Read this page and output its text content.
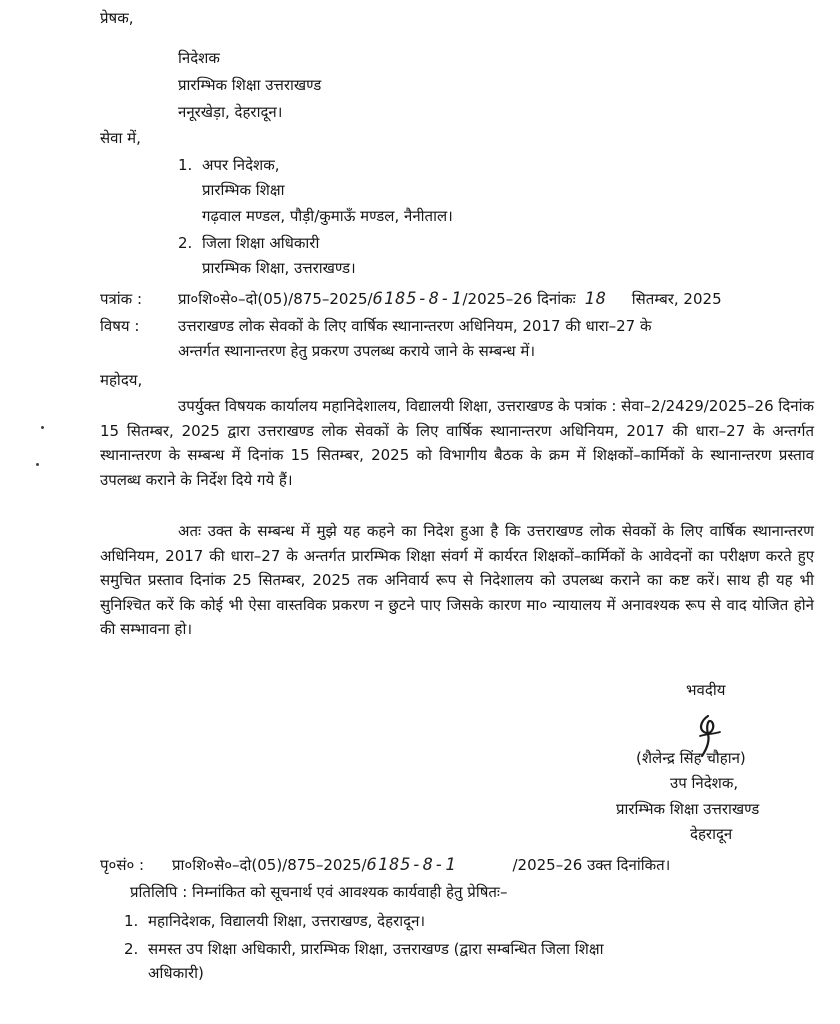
प्रेषक,
निदेशक
प्रारम्भिक शिक्षा उत्तराखण्ड
ननूरखेड़ा, देहरादून।
सेवा में,
1. अपर निदेशक,
प्रारम्भिक शिक्षा
गढ़वाल मण्डल, पौड़ी/कुमाऊँ मण्डल, नैनीताल।
2. जिला शिक्षा अधिकारी
प्रारम्भिक शिक्षा, उत्तराखण्ड।
पत्रांक : प्रा०शि०से०–दो(05)/875–2025/6185-8-1/2025–26 दिनांकः 18 सितम्बर, 2025
विषय :	उत्तराखण्ड लोक सेवकों के लिए वार्षिक स्थानान्तरण अधिनियम, 2017 की धारा–27 के
अन्तर्गत स्थानान्तरण हेतु प्रकरण उपलब्ध कराये जाने के सम्बन्ध में।
महोदय,
उपर्युक्त विषयक कार्यालय महानिदेशालय, विद्यालयी शिक्षा, उत्तराखण्ड के पत्रांक : सेवा–2/2429/2025–26 दिनांक 15 सितम्बर, 2025 द्वारा उत्तराखण्ड लोक सेवकों के लिए वार्षिक स्थानान्तरण अधिनियम, 2017 की धारा–27 के अन्तर्गत स्थानान्तरण के सम्बन्ध में दिनांक 15 सितम्बर, 2025 को विभागीय बैठक के क्रम में शिक्षकों–कार्मिकों के स्थानान्तरण प्रस्ताव उपलब्ध कराने के निर्देश दिये गये हैं।
अतः उक्त के सम्बन्ध में मुझे यह कहने का निदेश हुआ है कि उत्तराखण्ड लोक सेवकों के लिए वार्षिक स्थानान्तरण अधिनियम, 2017 की धारा–27 के अन्तर्गत प्रारम्भिक शिक्षा संवर्ग में कार्यरत शिक्षकों–कार्मिकों के आवेदनों का परीक्षण करते हुए समुचित प्रस्ताव दिनांक 25 सितम्बर, 2025 तक अनिवार्य रूप से निदेशालय को उपलब्ध कराने का कष्ट करें। साथ ही यह भी सुनिश्चित करें कि कोई भी ऐसा वास्तविक प्रकरण न छुटने पाए जिसके कारण मा० न्यायालय में अनावश्यक रूप से वाद योजित होने की सम्भावना हो।
भवदीय
(शैलेन्द्र सिंह चौहान)
उप निदेशक,
प्रारम्भिक शिक्षा उत्तराखण्ड
देहरादून
पृ०सं० : प्रा०शि०से०–दो(05)/875–2025/6185-8-1	/2025–26 उक्त दिनांकित।
प्रतिलिपि : निम्नांकित को सूचनार्थ एवं आवश्यक कार्यवाही हेतु प्रेषितः–
1. महानिदेशक, विद्यालयी शिक्षा, उत्तराखण्ड, देहरादून।
2. समस्त उप शिक्षा अधिकारी, प्रारम्भिक शिक्षा, उत्तराखण्ड (द्वारा सम्बन्धित जिला शिक्षा
अधिकारी)
